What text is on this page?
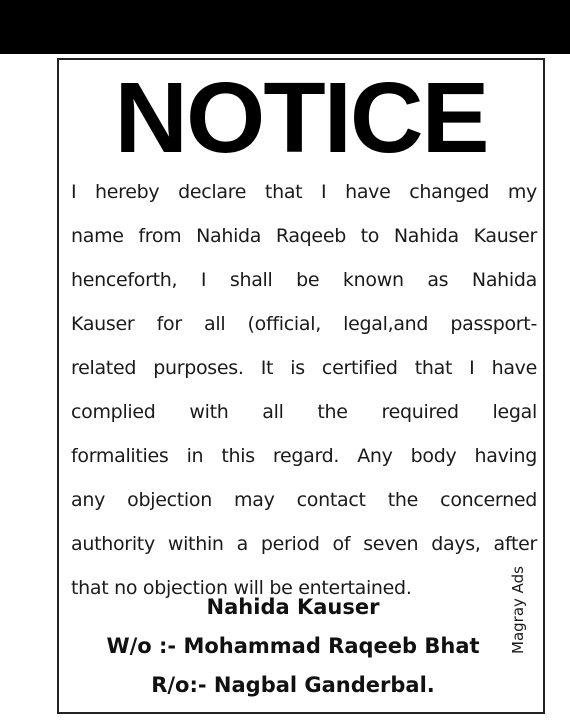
NOTICE
I hereby declare that I have changed my
name from Nahida Raqeeb to Nahida Kauser
henceforth, I shall be known as Nahida
Kauser for all (official, legal,and passport-
related purposes. It is certified that I have
complied with all the required legal
formalities in this regard. Any body having
any objection may contact the concerned
authority within a period of seven days, after
that no objection will be entertained.
Nahida Kauser
W/o :- Mohammad Raqeeb Bhat
R/o:- Nagbal Ganderbal.
Magray Ads
